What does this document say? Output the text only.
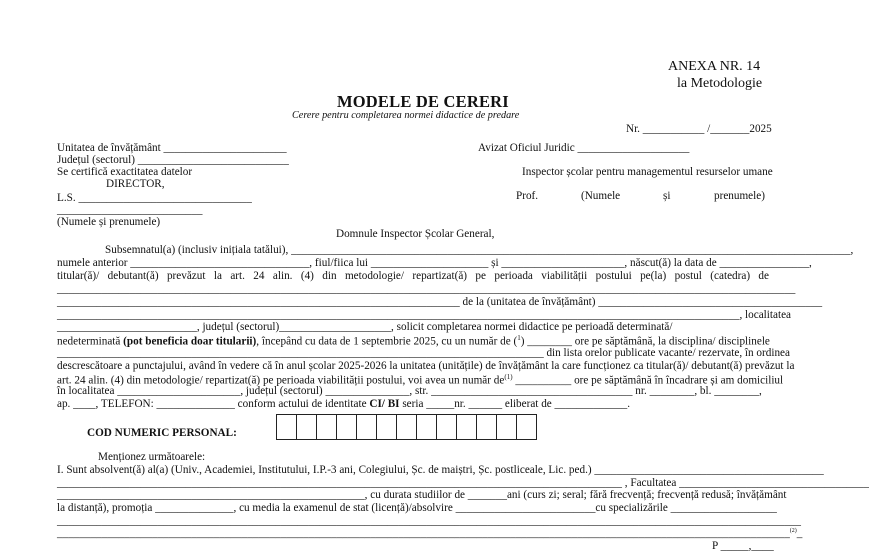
ANEXA NR. 14
la Metodologie
MODELE DE CERERI
Cerere pentru completarea normei didactice de predare
Nr. ___________ /_______2025
Unitatea de învățământ ______________________
Județul (sectorul) ___________________________
Se certifică exactitatea datelor
DIRECTOR,
L.S. _______________________________
__________________________
(Numele și prenumele)
Avizat Oficiul Juridic ____________________
Inspector școlar pentru managementul resurselor umane
Prof.	(Numele	și	prenumele)
Domnule Inspector Școlar General,
Subsemnatul(a) (inclusiv inițiala tatălui), ____________________________________________________________________________________________________,
numele anterior ________________________________, fiul/fiica lui _____________________ și ______________________, născut(ă) la data de ________________,
titular(ă)/ debutant(ă) prevăzut la art. 24 alin. (4) din metodologie/ repartizat(ă) pe perioada viabilității postului pe(la) postul (catedra) de
____________________________________________________________________________________________________________________________________
________________________________________________________________________ de la (unitatea de învățământ) ________________________________________
__________________________________________________________________________________________________________________________, localitatea
_________________________, județul (sectorul)____________________, solicit completarea normei didactice pe perioadă determinată/
nedeterminată (pot beneficia doar titularii), începând cu data de 1 septembrie 2025, cu un număr de ($^1$) ________ ore pe săptămână, la disciplina/ disciplinele
_______________________________________________________________________________________ din lista orelor publicate vacante/ rezervate, în ordinea
descrescătoare a punctajului, având în vedere că în anul școlar 2025-2026 la unitatea (unitățile) de învățământ la care funcționez ca titular(ă)/ debutant(ă) prevăzut la
art. 24 alin. (4) din metodologie/ repartizat(ă) pe perioada viabilității postului, voi avea un număr $de^{(1)}$ __________ ore pe săptămână în încadrare și am domiciliul
în localitatea ______________________, județul (sectorul) _______________, str. ____________________________________ nr. ________, bl. ________,
ap. ____, TELEFON: ______________ conform actului de identitate CI/ BI seria _____nr. ______ eliberat de _____________.
COD NUMERIC PERSONAL:
Menționez următoarele:
I. Sunt absolvent(ă) al(a) (Univ., Academiei, Institutului, I.P.-3 ani, Colegiului, Șc. de maiștri, Șc. postliceale, Lic. ped.) _________________________________________
_____________________________________________________________________________________________________ , Facultatea __________________________________
_______________________________________________________, cu durata studiilor de _______ani (curs zi; seral; fără frecvență; frecvență redusă; învățământ
la distanță), promoția ______________, cu media la examenul de stat (licență)/absolvire _________________________cu specializările ___________________
_____________________________________________________________________________________________________________________________________
___________________________________________________________________________________________________________________________________$^{(2)}$_
P _____,____
